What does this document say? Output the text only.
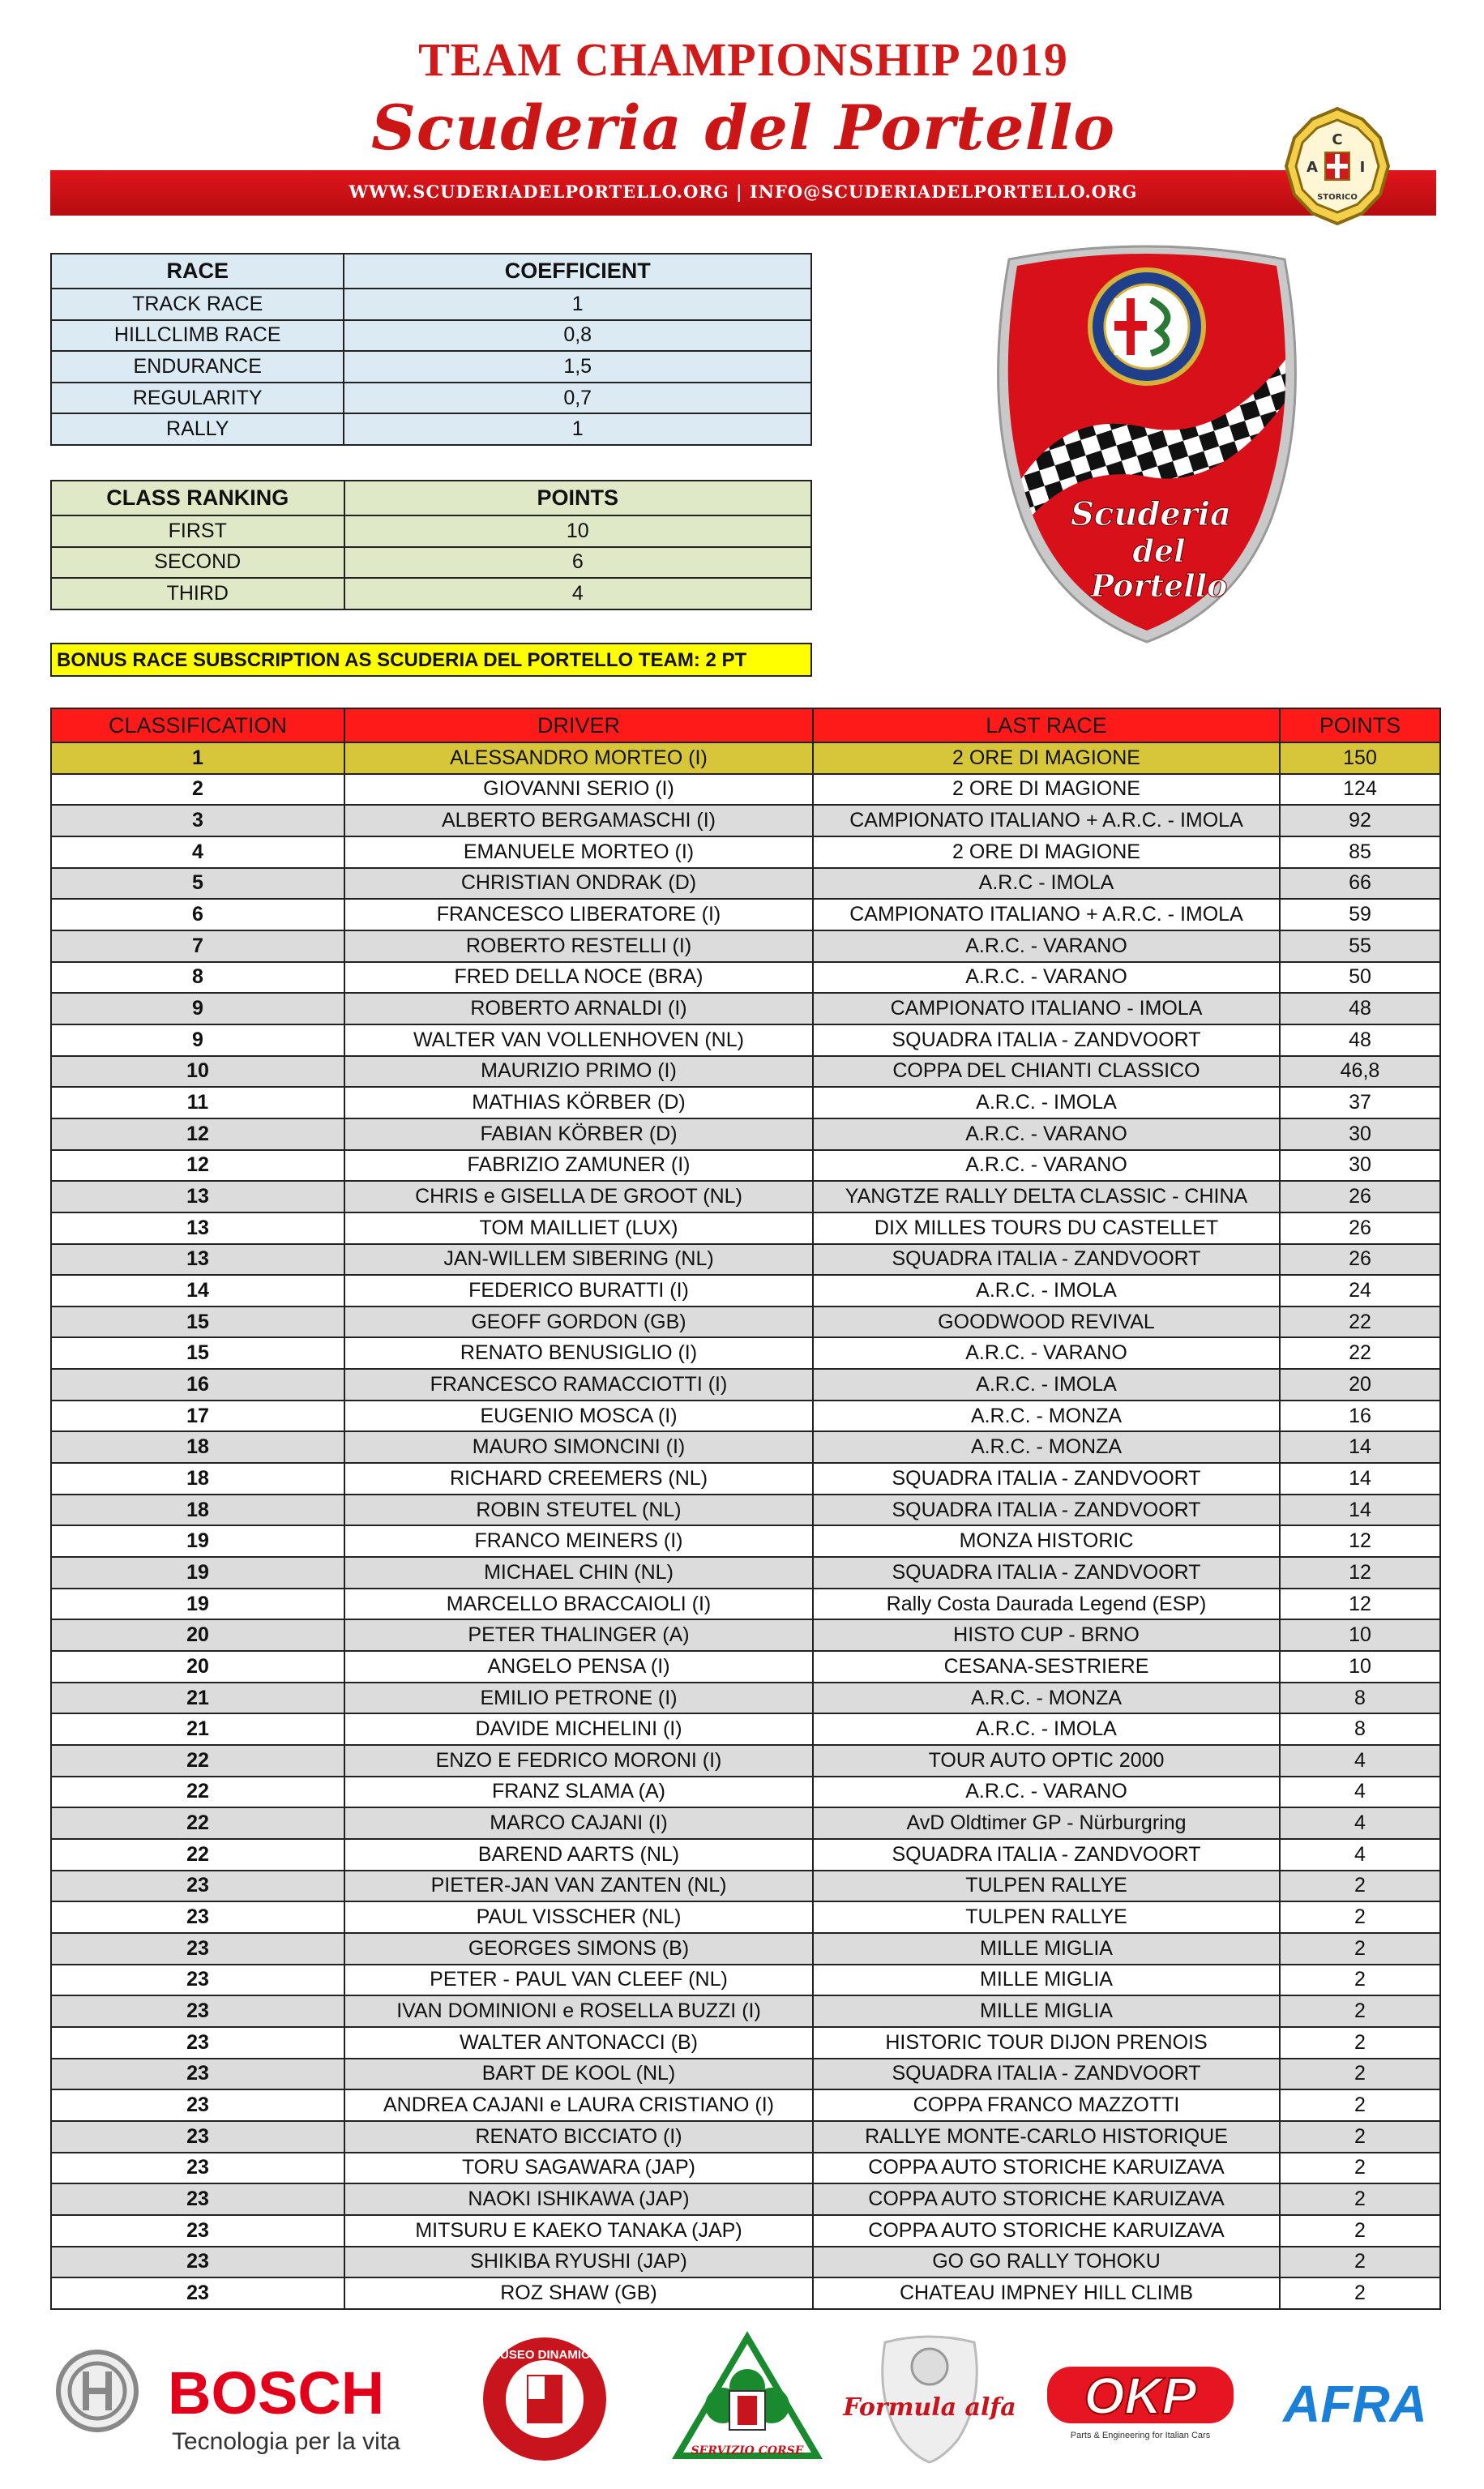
TEAM CHAMPIONSHIP 2019
Scuderia del Portello
WWW.SCUDERIADELPORTELLO.ORG | INFO@SCUDERIADELPORTELLO.ORG
C
A	I
STORICO
RACE	COEFFICIENT
TRACK RACE	1
HILLCLIMB RACE	0,8
ENDURANCE	1,5
REGULARITY	0,7
RALLY	1
CLASS RANKING	POINTS
FIRST	10
SECOND	6
THIRD	4
BONUS RACE SUBSCRIPTION AS SCUDERIA DEL PORTELLO TEAM: 2 PT
Scuderia
del
Portello
CLASSIFICATION	DRIVER	LAST RACE	POINTS
1	ALESSANDRO MORTEO (I)	2 ORE DI MAGIONE	150
2	GIOVANNI SERIO (I)	2 ORE DI MAGIONE	124
3	ALBERTO BERGAMASCHI (I)	CAMPIONATO ITALIANO + A.R.C. - IMOLA	92
4	EMANUELE MORTEO (I)	2 ORE DI MAGIONE	85
5	CHRISTIAN ONDRAK (D)	A.R.C - IMOLA	66
6	FRANCESCO LIBERATORE (I)	CAMPIONATO ITALIANO + A.R.C. - IMOLA	59
7	ROBERTO RESTELLI (I)	A.R.C. - VARANO	55
8	FRED DELLA NOCE (BRA)	A.R.C. - VARANO	50
9	ROBERTO ARNALDI (I)	CAMPIONATO ITALIANO - IMOLA	48
9	WALTER VAN VOLLENHOVEN (NL)	SQUADRA ITALIA - ZANDVOORT	48
10	MAURIZIO PRIMO (I)	COPPA DEL CHIANTI CLASSICO	46,8
11	MATHIAS KÖRBER (D)	A.R.C. - IMOLA	37
12	FABIAN KÖRBER (D)	A.R.C. - VARANO	30
12	FABRIZIO ZAMUNER (I)	A.R.C. - VARANO	30
13	CHRIS e GISELLA DE GROOT (NL)	YANGTZE RALLY DELTA CLASSIC - CHINA	26
13	TOM MAILLIET (LUX)	DIX MILLES TOURS DU CASTELLET	26
13	JAN-WILLEM SIBERING (NL)	SQUADRA ITALIA - ZANDVOORT	26
14	FEDERICO BURATTI (I)	A.R.C. - IMOLA	24
15	GEOFF GORDON (GB)	GOODWOOD REVIVAL	22
15	RENATO BENUSIGLIO (I)	A.R.C. - VARANO	22
16	FRANCESCO RAMACCIOTTI (I)	A.R.C. - IMOLA	20
17	EUGENIO MOSCA (I)	A.R.C. - MONZA	16
18	MAURO SIMONCINI (I)	A.R.C. - MONZA	14
18	RICHARD CREEMERS (NL)	SQUADRA ITALIA - ZANDVOORT	14
18	ROBIN STEUTEL (NL)	SQUADRA ITALIA - ZANDVOORT	14
19	FRANCO MEINERS (I)	MONZA HISTORIC	12
19	MICHAEL CHIN (NL)	SQUADRA ITALIA - ZANDVOORT	12
19	MARCELLO BRACCAIOLI (I)	Rally Costa Daurada Legend (ESP)	12
20	PETER THALINGER (A)	HISTO CUP - BRNO	10
20	ANGELO PENSA (I)	CESANA-SESTRIERE	10
21	EMILIO PETRONE (I)	A.R.C. - MONZA	8
21	DAVIDE MICHELINI (I)	A.R.C. - IMOLA	8
22	ENZO E FEDRICO MORONI (I)	TOUR AUTO OPTIC 2000	4
22	FRANZ SLAMA (A)	A.R.C. - VARANO	4
22	MARCO CAJANI (I)	AvD Oldtimer GP - Nürburgring	4
22	BAREND AARTS (NL)	SQUADRA ITALIA - ZANDVOORT	4
23	PIETER-JAN VAN ZANTEN (NL)	TULPEN RALLYE	2
23	PAUL VISSCHER (NL)	TULPEN RALLYE	2
23	GEORGES SIMONS (B)	MILLE MIGLIA	2
23	PETER - PAUL VAN CLEEF (NL)	MILLE MIGLIA	2
23	IVAN DOMINIONI e ROSELLA BUZZI (I)	MILLE MIGLIA	2
23	WALTER ANTONACCI (B)	HISTORIC TOUR DIJON PRENOIS	2
23	BART DE KOOL (NL)	SQUADRA ITALIA - ZANDVOORT	2
23	ANDREA CAJANI e LAURA CRISTIANO (I)	COPPA FRANCO MAZZOTTI	2
23	RENATO BICCIATO (I)	RALLYE MONTE-CARLO HISTORIQUE	2
23	TORU SAGAWARA (JAP)	COPPA AUTO STORICHE KARUIZAVA	2
23	NAOKI ISHIKAWA (JAP)	COPPA AUTO STORICHE KARUIZAVA	2
23	MITSURU E KAEKO TANAKA (JAP)	COPPA AUTO STORICHE KARUIZAVA	2
23	SHIKIBA RYUSHI (JAP)	GO GO RALLY TOHOKU	2
23	ROZ SHAW (GB)	CHATEAU IMPNEY HILL CLIMB	2
BOSCH
Tecnologia per la vita
MUSEO DINAMICO
SERVIZIO CORSE
Formula alfa OKP
Parts & Engineering for Italian Cars
AFRA
